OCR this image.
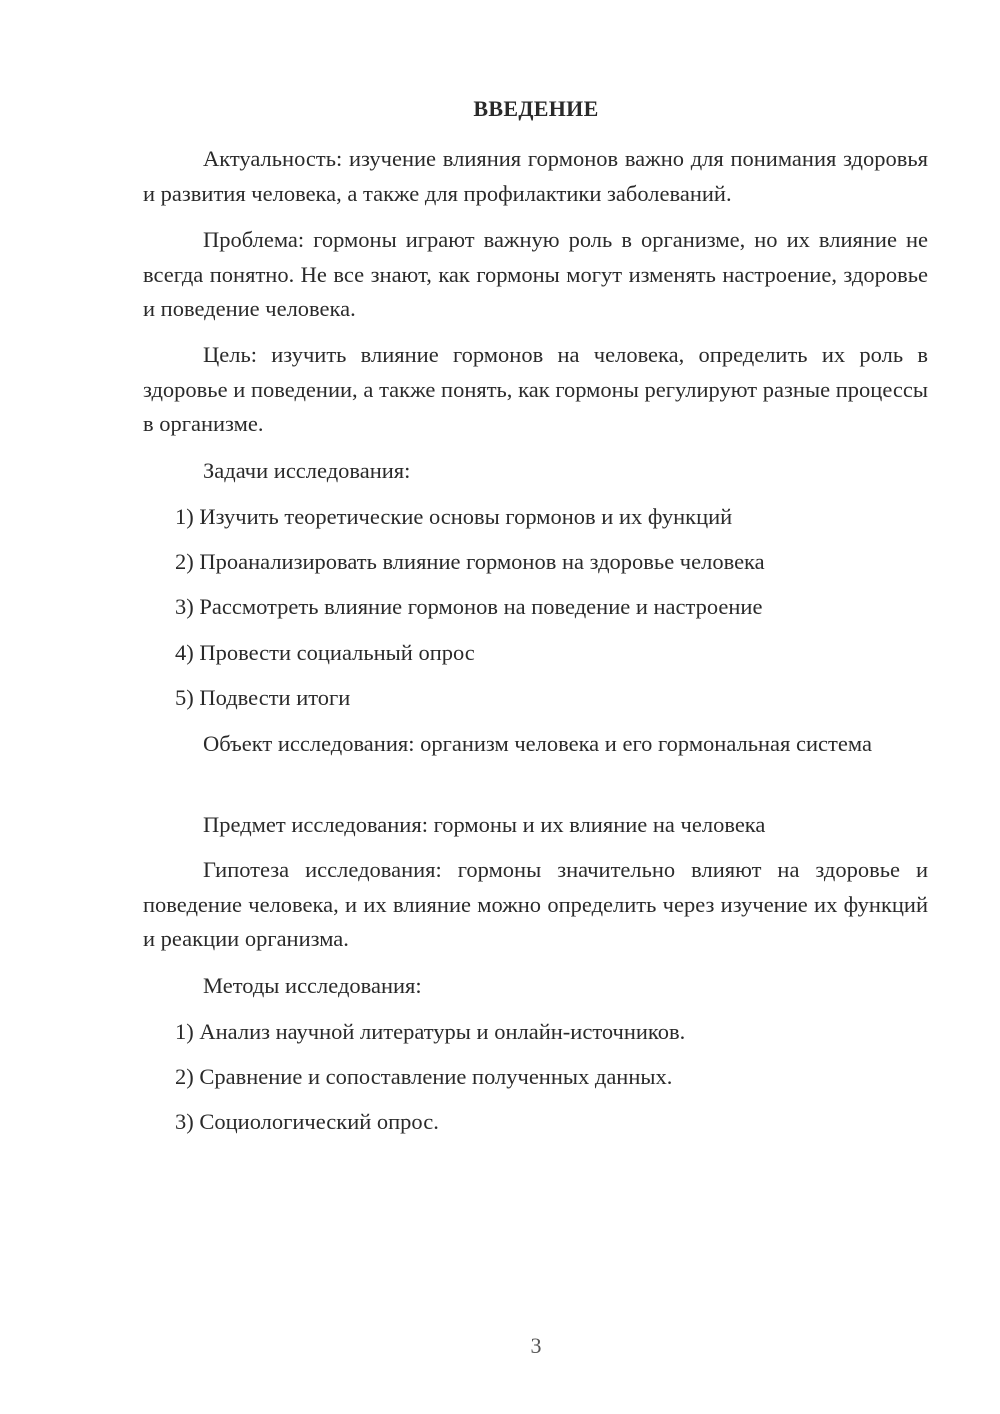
ВВЕДЕНИЕ
Актуальность: изучение влияния гормонов важно для понимания здоровья и развития человека, а также для профилактики заболеваний.
Проблема: гормоны играют важную роль в организме, но их влияние не всегда понятно. Не все знают, как гормоны могут изменять настроение, здоровье и поведение человека.
Цель: изучить влияние гормонов на человека, определить их роль в здоровье и поведении, а также понять, как гормоны регулируют разные процессы в организме.
Задачи исследования:
1) Изучить теоретические основы гормонов и их функций
2) Проанализировать влияние гормонов на здоровье человека
3) Рассмотреть влияние гормонов на поведение и настроение
4) Провести социальный опрос
5) Подвести итоги
Объект исследования: организм человека и его гормональная система
Предмет исследования: гормоны и их влияние на человека
Гипотеза исследования: гормоны значительно влияют на здоровье и поведение человека, и их влияние можно определить через изучение их функций и реакции организма.
Методы исследования:
1) Анализ научной литературы и онлайн-источников.
2) Сравнение и сопоставление полученных данных.
3) Социологический опрос.
3
